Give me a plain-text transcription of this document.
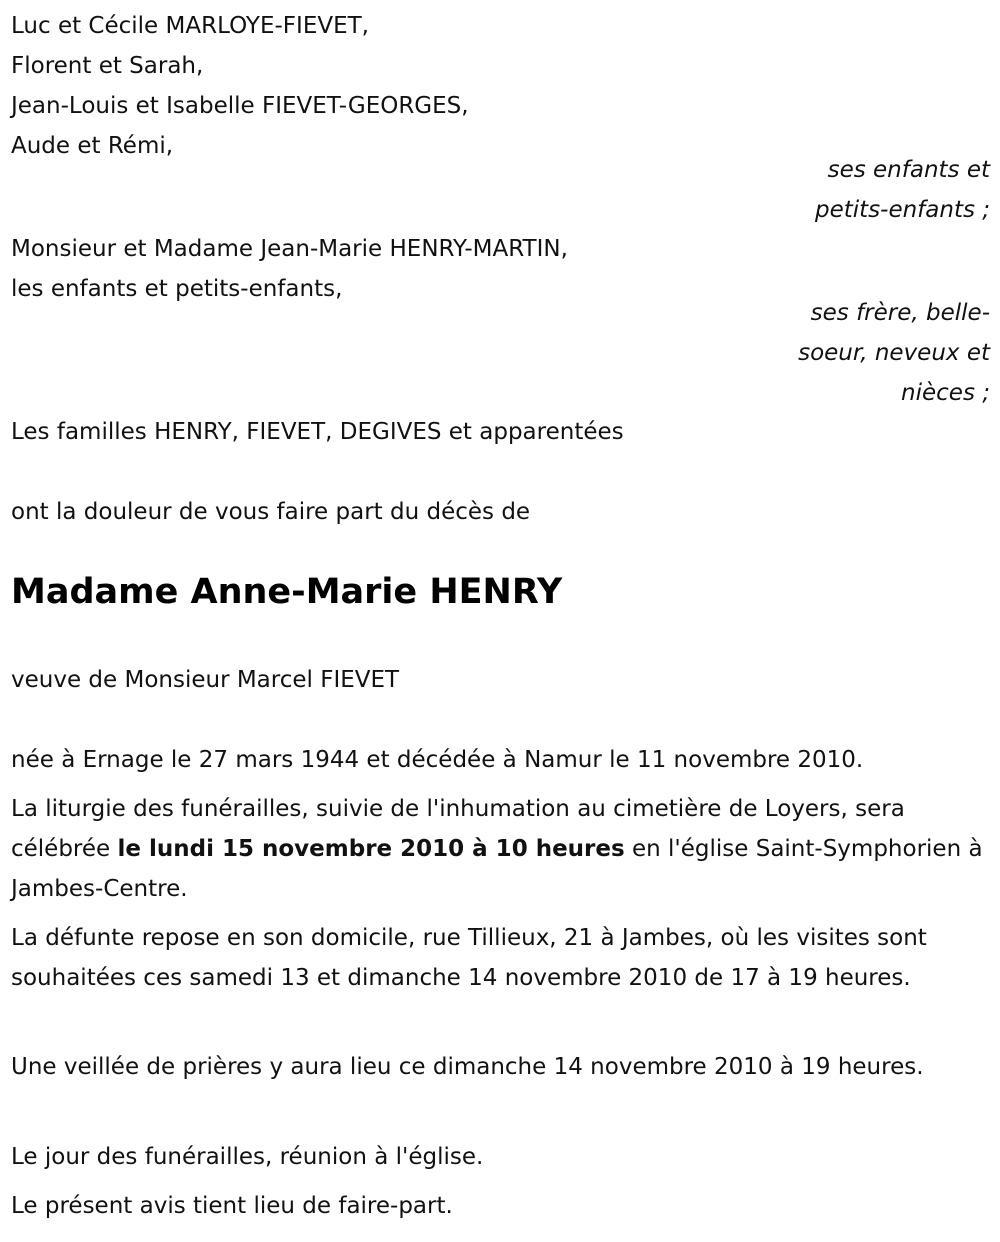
Luc et Cécile MARLOYE-FIEVET,
Florent et Sarah,
Jean-Louis et Isabelle FIEVET-GEORGES,
Aude et Rémi,
ses enfants et
petits-enfants ;
Monsieur et Madame Jean-Marie HENRY-MARTIN,
les enfants et petits-enfants,
ses frère, belle-
soeur, neveux et
nièces ;
Les familles HENRY, FIEVET, DEGIVES et apparentées
ont la douleur de vous faire part du décès de
Madame Anne-Marie HENRY
veuve de Monsieur Marcel FIEVET
née à Ernage le 27 mars 1944 et décédée à Namur le 11 novembre 2010.
La liturgie des funérailles, suivie de l'inhumation au cimetière de Loyers, sera célébrée le lundi 15 novembre 2010 à 10 heures en l'église Saint-Symphorien à Jambes-Centre.
La défunte repose en son domicile, rue Tillieux, 21 à Jambes, où les visites sont souhaitées ces samedi 13 et dimanche 14 novembre 2010 de 17 à 19 heures.
Une veillée de prières y aura lieu ce dimanche 14 novembre 2010 à 19 heures.
Le jour des funérailles, réunion à l'église.
Le présent avis tient lieu de faire-part.
